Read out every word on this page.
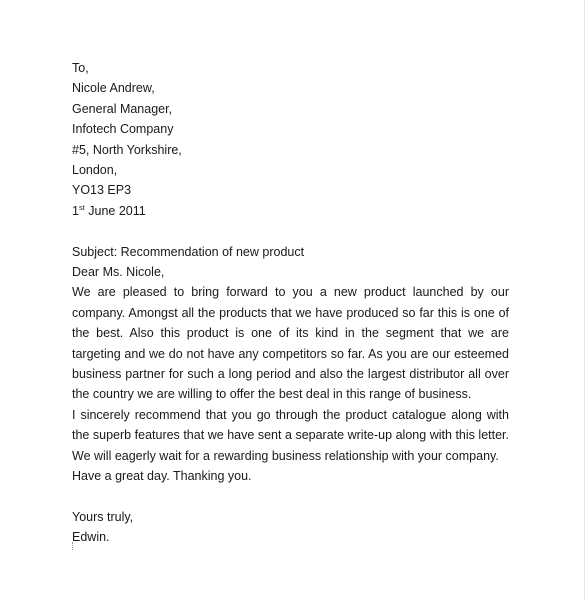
To,
Nicole Andrew,
General Manager,
Infotech Company
#5, North Yorkshire,
London,
YO13 EP3
1st June 2011
Subject: Recommendation of new product
Dear Ms. Nicole,
We are pleased to bring forward to you a new product launched by our company. Amongst all the products that we have produced so far this is one of the best. Also this product is one of its kind in the segment that we are targeting and we do not have any competitors so far. As you are our esteemed business partner for such a long period and also the largest distributor all over the country we are willing to offer the best deal in this range of business.
I sincerely recommend that you go through the product catalogue along with the superb features that we have sent a separate write-up along with this letter. We will eagerly wait for a rewarding business relationship with your company.
Have a great day. Thanking you.
Yours truly,
Edwin.
